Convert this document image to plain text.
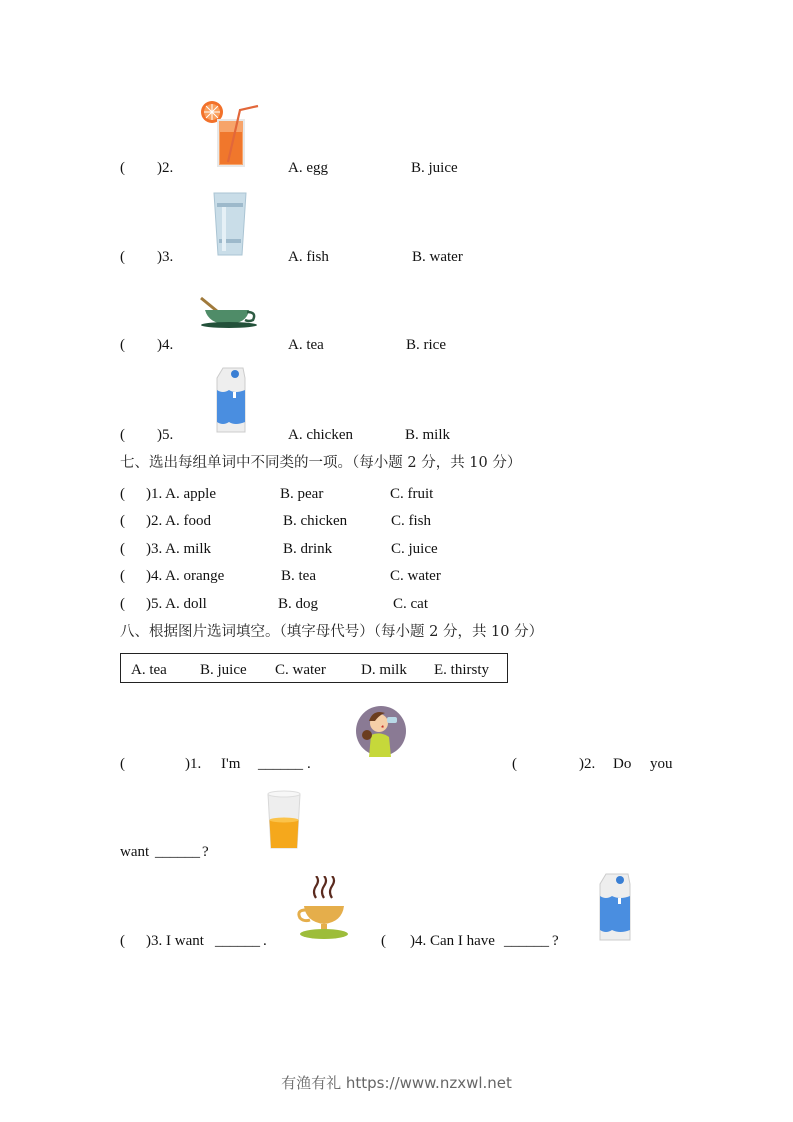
( )2.	A. egg	B. juice
( )3.	A. fish	B. water
( )4.	A. tea	B. rice
( )5.	A. chicken	B. milk
七、选出每组单词中不同类的一项。（每小题 2 分，共 10 分）
( )1. A. apple	B. pear	C. fruit
( )2. A. food	B. chicken	C. fish
( )3. A. milk	B. drink	C. juice
( )4. A. orange	B. tea	C. water
( )5. A. doll	B. dog	C. cat
八、根据图片选词填空。（填字母代号）（每小题 2 分，共 10 分）
A. tea B. juice C. water D. milk E. thirsty
(	)1. I'm ______ .	(	)2. Do you
want ______ ?
( )3. I want ______ .	( )4. Can I have ______ ?
有渔有礼 https://www.nzxwl.net
